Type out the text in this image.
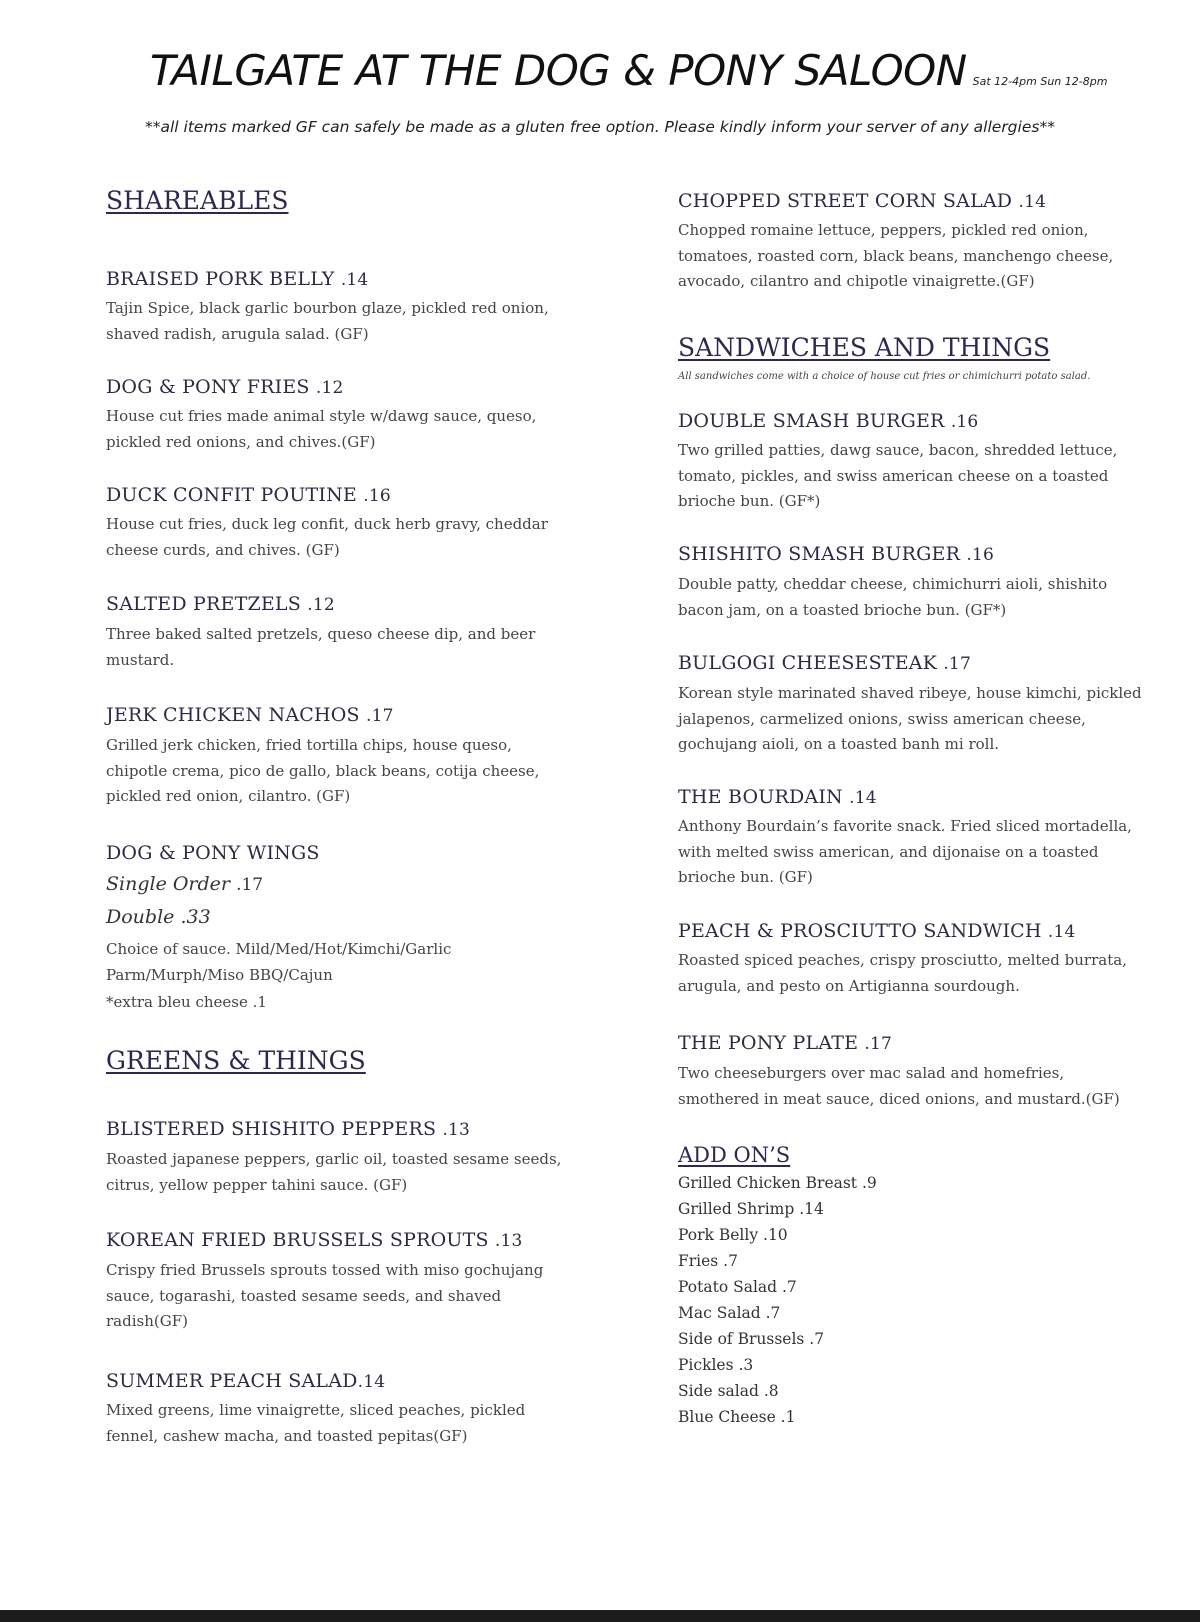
TAILGATE AT THE DOG & PONY SALOON Sat 12-4pm Sun 12-8pm
**all items marked GF can safely be made as a gluten free option. Please kindly inform your server of any allergies**
SHAREABLES
BRAISED PORK BELLY .14
Tajin Spice, black garlic bourbon glaze, pickled red onion, shaved radish, arugula salad. (GF)
DOG & PONY FRIES .12
House cut fries made animal style w/dawg sauce, queso, pickled red onions, and chives.(GF)
DUCK CONFIT POUTINE .16
House cut fries, duck leg confit, duck herb gravy, cheddar cheese curds, and chives. (GF)
SALTED PRETZELS .12
Three baked salted pretzels, queso cheese dip, and beer mustard.
JERK CHICKEN NACHOS .17
Grilled jerk chicken, fried tortilla chips, house queso, chipotle crema, pico de gallo, black beans, cotija cheese, pickled red onion, cilantro. (GF)
DOG & PONY WINGS
Single Order .17
Double .33
Choice of sauce. Mild/Med/Hot/Kimchi/Garlic Parm/Murph/Miso BBQ/Cajun
*extra bleu cheese .1
GREENS & THINGS
BLISTERED SHISHITO PEPPERS .13
Roasted japanese peppers, garlic oil, toasted sesame seeds, citrus, yellow pepper tahini sauce. (GF)
KOREAN FRIED BRUSSELS SPROUTS .13
Crispy fried Brussels sprouts tossed with miso gochujang sauce, togarashi, toasted sesame seeds, and shaved radish(GF)
SUMMER PEACH SALAD.14
Mixed greens, lime vinaigrette, sliced peaches, pickled fennel, cashew macha, and toasted pepitas(GF)
CHOPPED STREET CORN SALAD .14
Chopped romaine lettuce, peppers, pickled red onion, tomatoes, roasted corn, black beans, manchengo cheese, avocado, cilantro and chipotle vinaigrette.(GF)
SANDWICHES AND THINGS
All sandwiches come with a choice of house cut fries or chimichurri potato salad.
DOUBLE SMASH BURGER .16
Two grilled patties, dawg sauce, bacon, shredded lettuce, tomato, pickles, and swiss american cheese on a toasted brioche bun. (GF*)
SHISHITO SMASH BURGER .16
Double patty, cheddar cheese, chimichurri aioli, shishito bacon jam, on a toasted brioche bun. (GF*)
BULGOGI CHEESESTEAK .17
Korean style marinated shaved ribeye, house kimchi, pickled jalapenos, carmelized onions, swiss american cheese, gochujang aioli, on a toasted banh mi roll.
THE BOURDAIN .14
Anthony Bourdain’s favorite snack. Fried sliced mortadella, with melted swiss american, and dijonaise on a toasted brioche bun. (GF)
PEACH & PROSCIUTTO SANDWICH .14
Roasted spiced peaches, crispy prosciutto, melted burrata, arugula, and pesto on Artigianna sourdough.
THE PONY PLATE .17
Two cheeseburgers over mac salad and homefries, smothered in meat sauce, diced onions, and mustard.(GF)
ADD ON’S
Grilled Chicken Breast .9
Grilled Shrimp .14
Pork Belly .10
Fries .7
Potato Salad .7
Mac Salad .7
Side of Brussels .7
Pickles .3
Side salad .8
Blue Cheese .1
